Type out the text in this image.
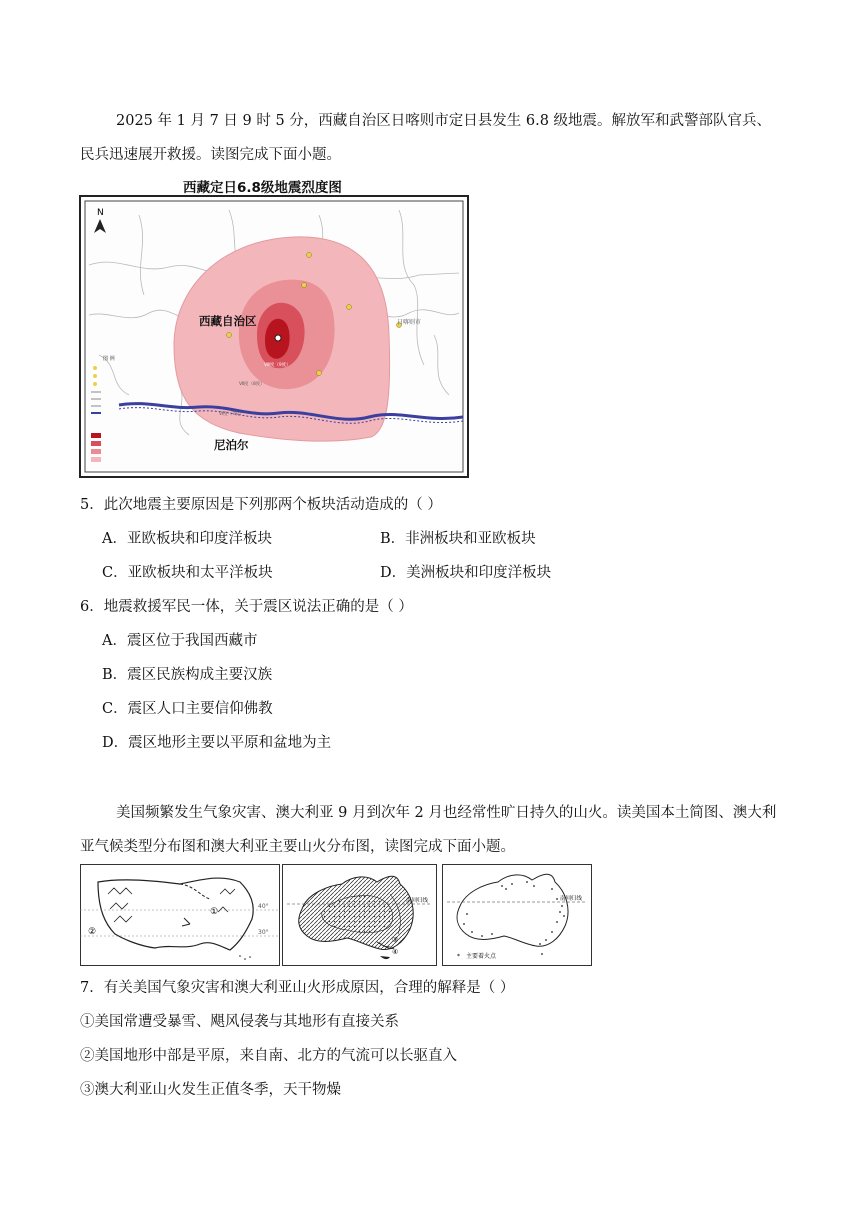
2025 年 1 月 7 日 9 时 5 分，西藏自治区日喀则市定日县发生 6.8 级地震。解放军和武警部队官兵、民兵迅速展开救援。读图完成下面小题。
西藏定日6.8级地震烈度图
N
西藏自治区
尼泊尔
日喀则市
Ⅷ度（9度）
Ⅶ度（8度）
Ⅵ度（7度）
图 例
5．此次地震主要原因是下列那两个板块活动造成的（ ）
A．亚欧板块和印度洋板块	B．非洲板块和亚欧板块
C．亚欧板块和太平洋板块	D．美洲板块和印度洋板块
6．地震救援军民一体，关于震区说法正确的是（ ）
A．震区位于我国西藏市
B．震区民族构成主要汉族
C．震区人口主要信仰佛教
D．震区地形主要以平原和盆地为主
美国频繁发生气象灾害、澳大利亚 9 月到次年 2 月也经常性旷日持久的山火。读美国本土简图、澳大利亚气候类型分布图和澳大利亚主要山火分布图，读图完成下面小题。
①
②
40°
30°
南回归线
③
④
南回归线
* 主要着火点
7．有关美国气象灾害和澳大利亚山火形成原因，合理的解释是（ ）
①美国常遭受暴雪、飓风侵袭与其地形有直接关系
②美国地形中部是平原，来自南、北方的气流可以长驱直入
③澳大利亚山火发生正值冬季，天干物燥
